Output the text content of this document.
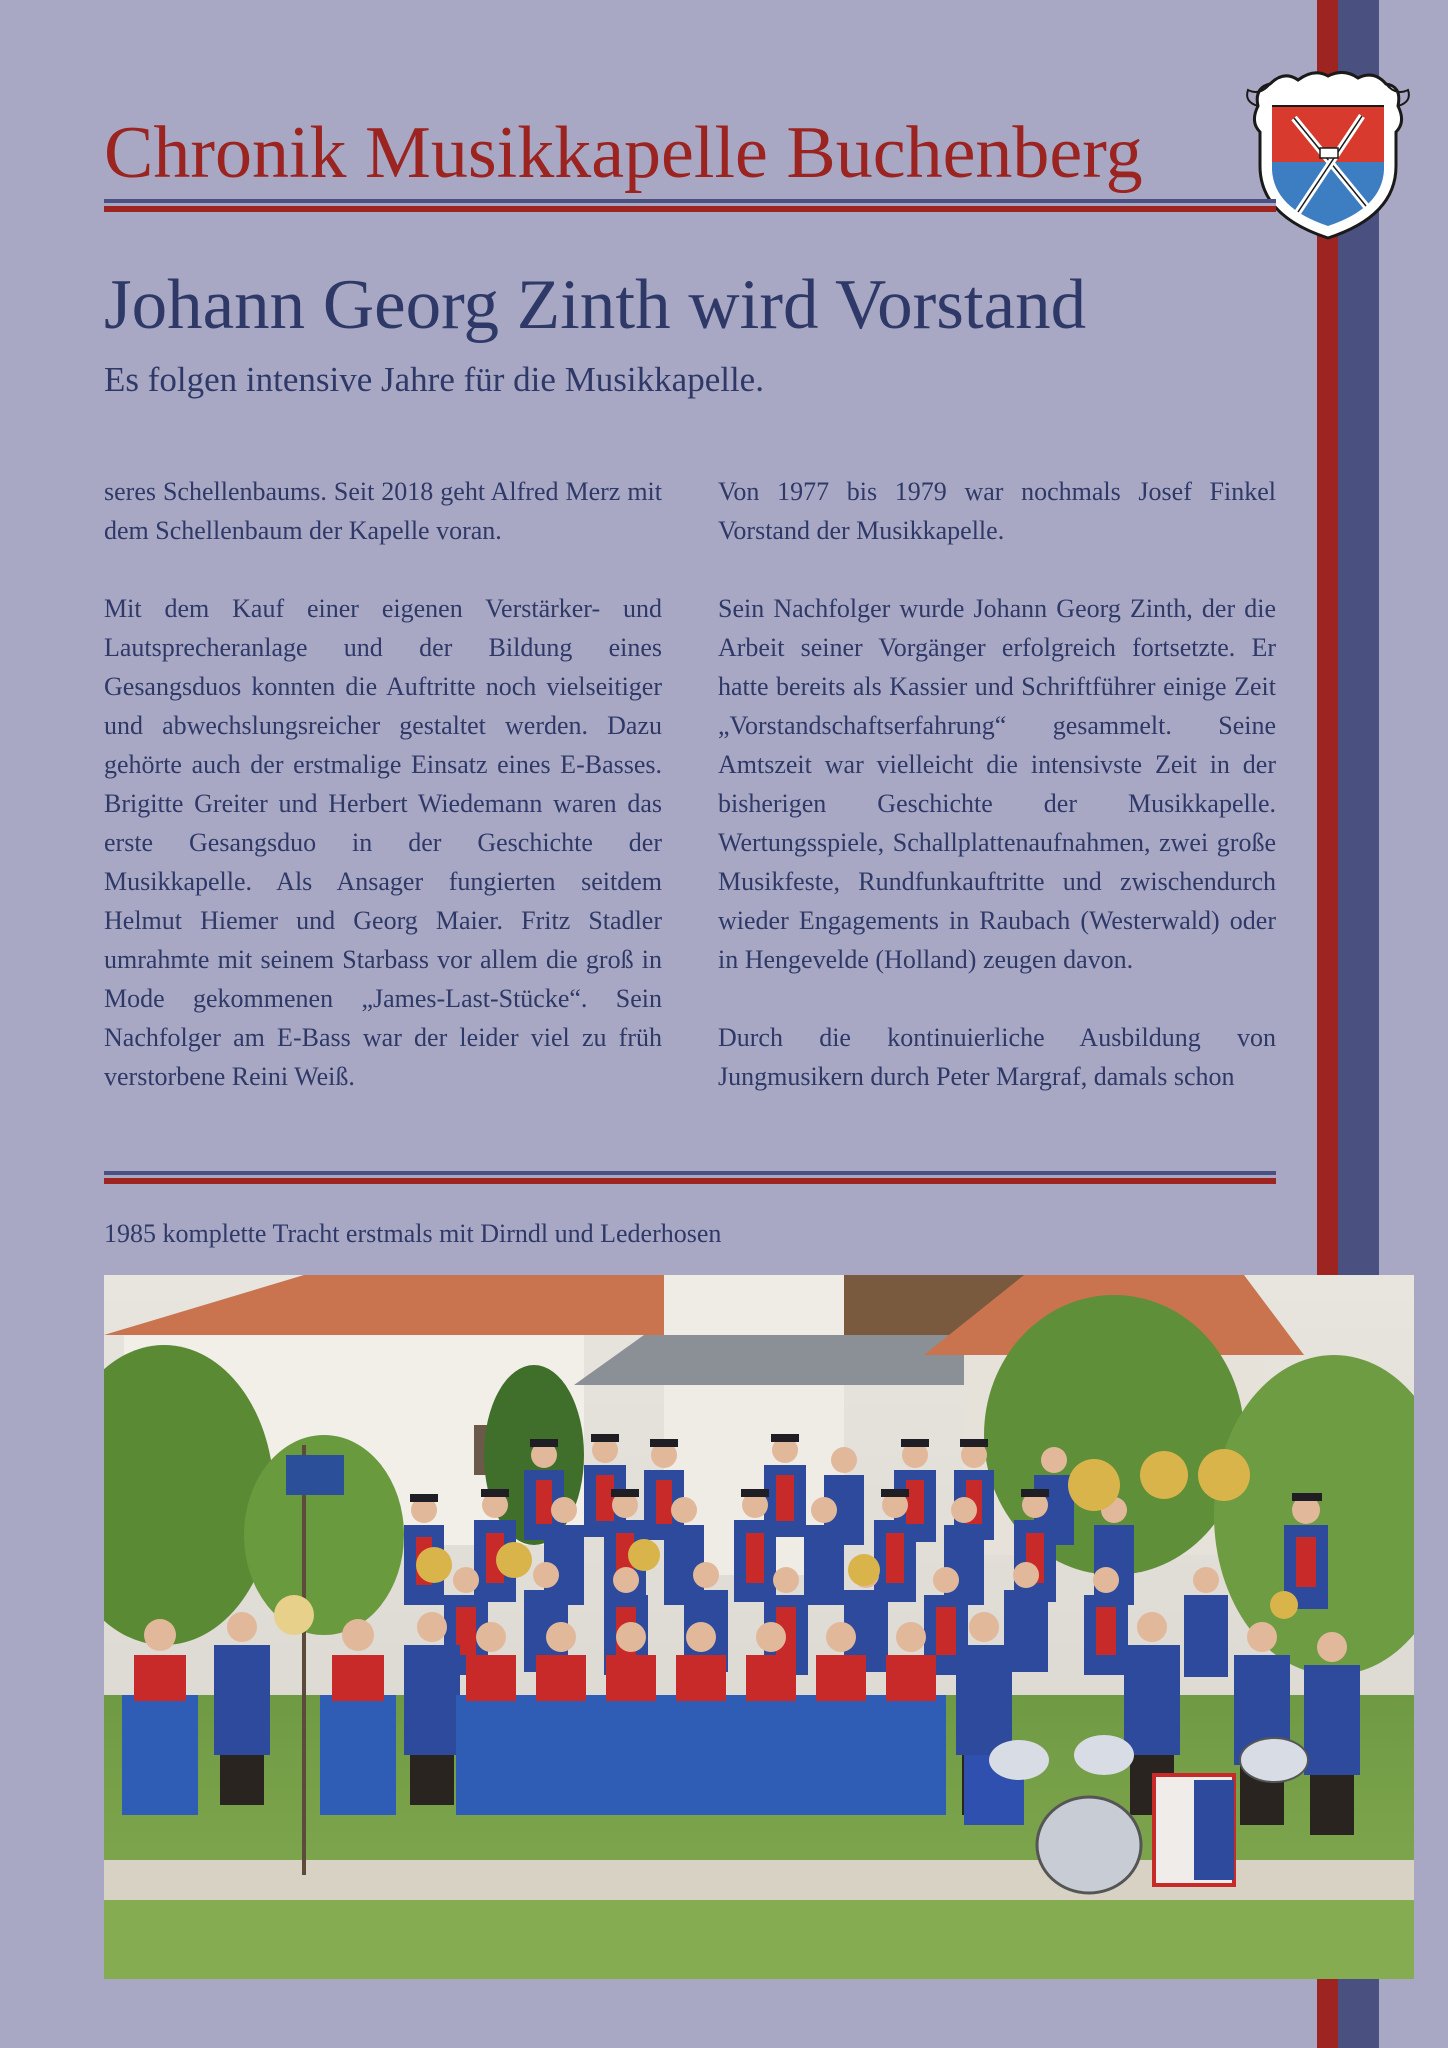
Chronik Musikkapelle Buchenberg
Johann Georg Zinth wird Vorstand

Es folgen intensive Jahre für die Musikkapelle.

seres Schellenbaums. Seit 2018 geht Alfred Merz mit dem Schellenbaum der Kapelle voran.

Mit dem Kauf einer eigenen Verstärker- und Lautsprecheranlage und der Bildung eines Gesangsduos konnten die Auftritte noch vielseitiger und abwechslungsreicher gestaltet werden. Dazu gehörte auch der erstmalige Einsatz eines E-Basses. Brigitte Greiter und Herbert Wiedemann waren das erste Gesangsduo in der Geschichte der Musikkapelle. Als Ansager fungierten seitdem Helmut Hiemer und Georg Maier. Fritz Stadler umrahmte mit seinem Starbass vor allem die groß in Mode gekommenen „James-Last-Stücke“. Sein Nachfolger am E-Bass war der leider viel zu früh verstorbene Reini Weiß.

Von 1977 bis 1979 war nochmals Josef Finkel Vorstand der Musikkapelle.

Sein Nachfolger wurde Johann Georg Zinth, der die Arbeit seiner Vorgänger erfolgreich fortsetzte. Er hatte bereits als Kassier und Schriftführer einige Zeit „Vorstandschaftserfahrung“ gesammelt. Seine Amtszeit war vielleicht die intensivste Zeit in der bisherigen Geschichte der Musikkapelle. Wertungsspiele, Schallplattenaufnahmen, zwei große Musikfeste, Rundfunkauftritte und zwischendurch wieder Engagements in Raubach (Westerwald) oder in Hengevelde (Holland) zeugen davon.

Durch die kontinuierliche Ausbildung von Jungmusikern durch Peter Margraf, damals schon

1985 komplette Tracht erstmals mit Dirndl und Lederhosen
